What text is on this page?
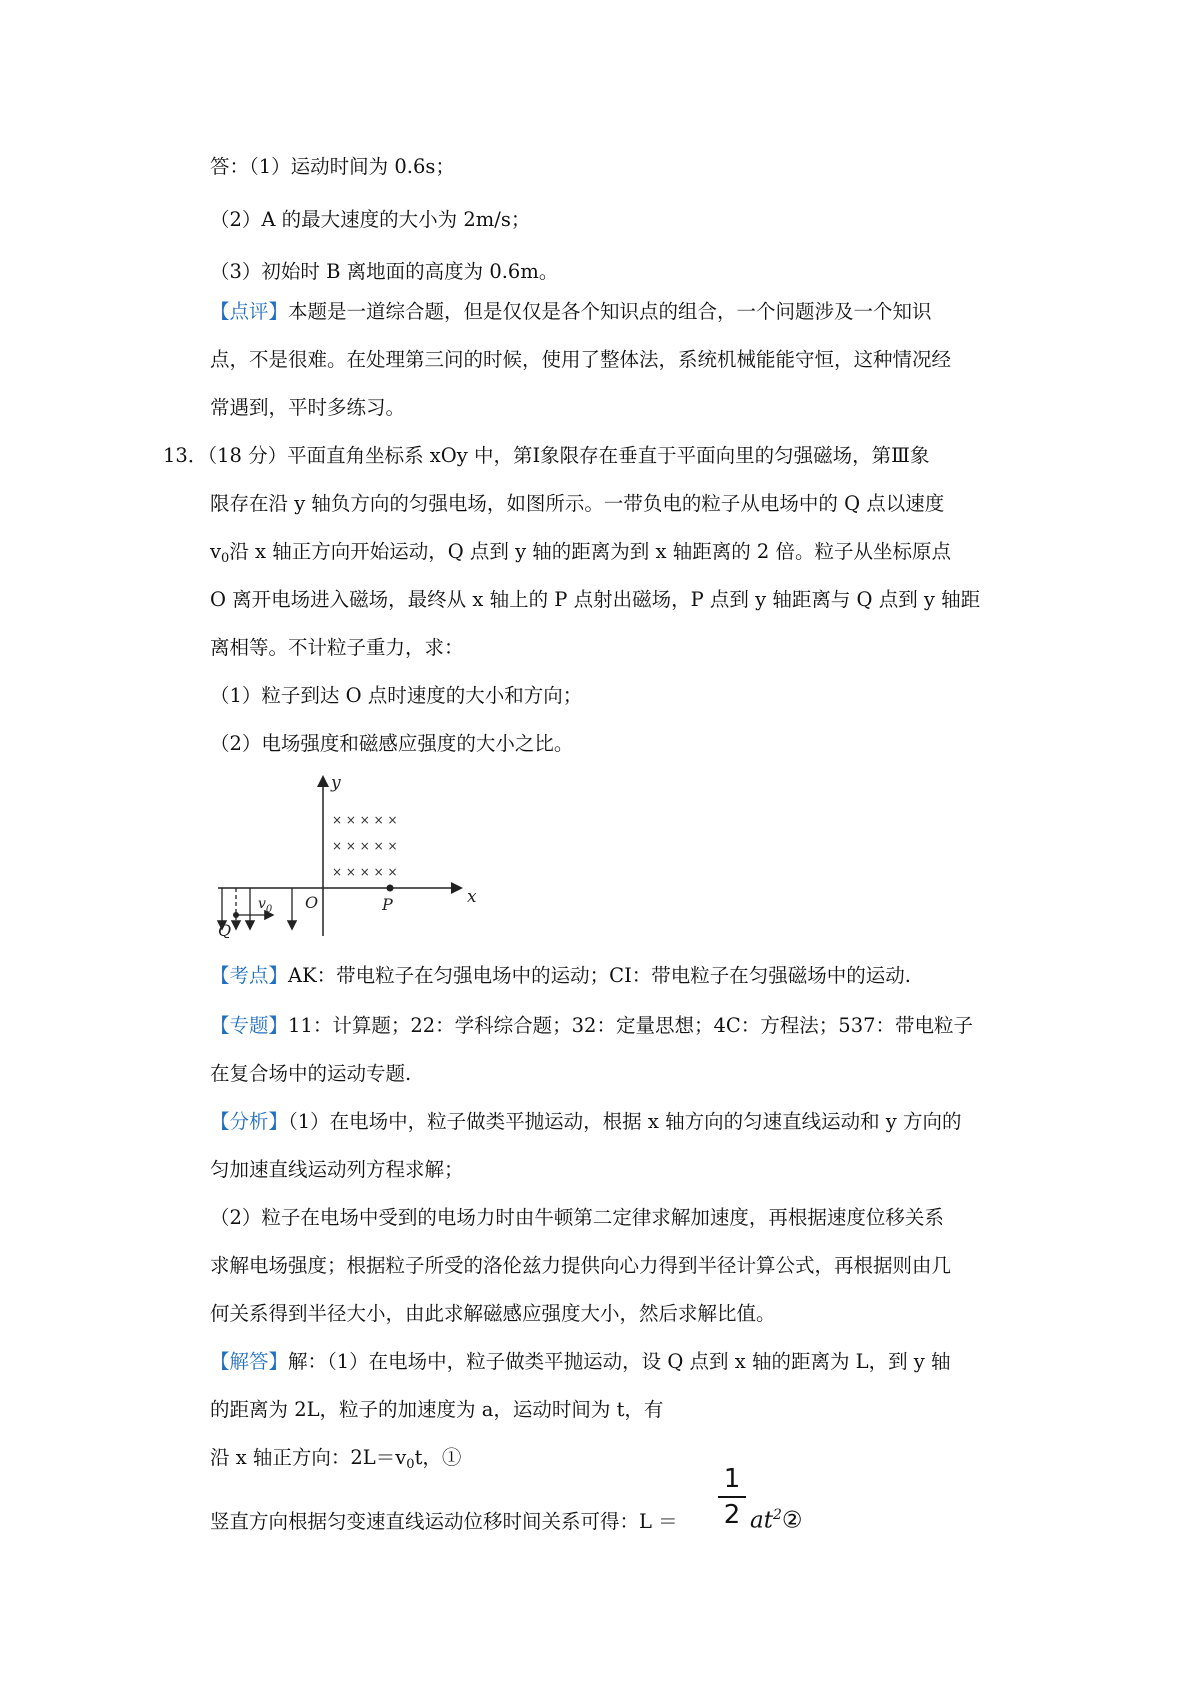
答：（1）运动时间为 0.6s；
（2）A 的最大速度的大小为 2m/s；
（3）初始时 B 离地面的高度为 0.6m。
【点评】本题是一道综合题，但是仅仅是各个知识点的组合，一个问题涉及一个知识
点，不是很难。在处理第三问的时候，使用了整体法，系统机械能能守恒，这种情况经
常遇到，平时多练习。
13．（18 分）平面直角坐标系 xOy 中，第Ⅰ象限存在垂直于平面向里的匀强磁场，第Ⅲ象
限存在沿 y 轴负方向的匀强电场，如图所示。一带负电的粒子从电场中的 Q 点以速度
$v_0$沿 x 轴正方向开始运动，Q 点到 y 轴的距离为到 x 轴距离的 2 倍。粒子从坐标原点
O 离开电场进入磁场，最终从 x 轴上的 P 点射出磁场，P 点到 y 轴距离与 Q 点到 y 轴距
离相等。不计粒子重力，求：
（1）粒子到达 O 点时速度的大小和方向；
（2）电场强度和磁感应强度的大小之比。
y
x
O
× × × × ×
× × × × ×
× × × × ×
P
$v_0$
Q
【考点】AK：带电粒子在匀强电场中的运动；CI：带电粒子在匀强磁场中的运动.
【专题】11：计算题；22：学科综合题；32：定量思想；4C：方程法；537：带电粒子
在复合场中的运动专题.
【分析】（1）在电场中，粒子做类平抛运动，根据 x 轴方向的匀速直线运动和 y 方向的
匀加速直线运动列方程求解；
（2）粒子在电场中受到的电场力时由牛顿第二定律求解加速度，再根据速度位移关系
求解电场强度；根据粒子所受的洛伦兹力提供向心力得到半径计算公式，再根据则由几
何关系得到半径大小，由此求解磁感应强度大小，然后求解比值。
【解答】解：（1）在电场中，粒子做类平抛运动，设 Q 点到 x 轴的距离为 L，到 y 轴
的距离为 2L，粒子的加速度为 a，运动时间为 t，有
沿 x 轴正方向：$2L=v_0t$，①
竖直方向根据匀变速直线运动位移时间关系可得：L ＝
1
2 $at^2②$
